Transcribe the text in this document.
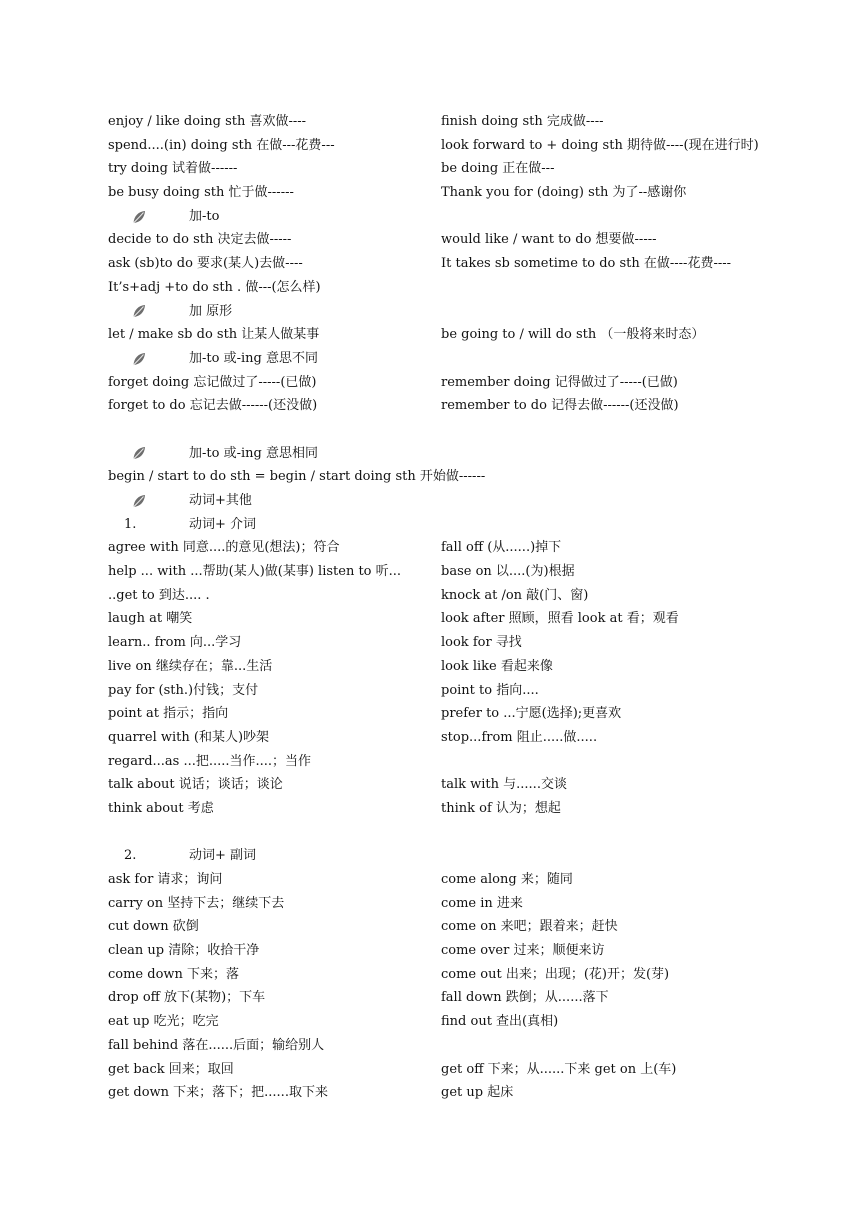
enjoy / like doing sth 喜欢做----	finish doing sth 完成做----
spend....(in) doing sth 在做---花费---	look forward to + doing sth 期待做----(现在进行时)
try doing 试着做------	be doing 正在做---
be busy doing sth 忙于做------	Thank you for (doing) sth 为了--感谢你
加-to
decide to do sth 决定去做-----	would like / want to do 想要做-----
ask (sb)to do 要求(某人)去做----	It takes sb sometime to do sth 在做----花费----
It’s+adj +to do sth . 做---(怎么样)
加 原形
let / make sb do sth 让某人做某事	be going to / will do sth （一般将来时态）
加-to 或-ing 意思不同
forget doing 忘记做过了-----(已做)	remember doing 记得做过了-----(已做)
forget to do 忘记去做------(还没做)	remember to do 记得去做------(还没做)
加-to 或-ing 意思相同
begin / start to do sth = begin / start doing sth 开始做------
动词+其他
1.	动词+ 介词
agree with 同意....的意见(想法)；符合	fall off (从......)掉下
help ... with ...帮助(某人)做(某事) listen to 听...	base on 以....(为)根据
..get to 到达.... .	knock at /on 敲(门、窗)
laugh at 嘲笑	look after 照顾，照看 look at 看；观看
learn.. from 向...学习	look for 寻找
live on 继续存在；靠...生活	look like 看起来像
pay for (sth.)付钱；支付	point to 指向....
point at 指示；指向	prefer to ...宁愿(选择);更喜欢
quarrel with (和某人)吵架	stop...from 阻止.....做.....
regard...as ...把.....当作....；当作
talk about 说话；谈话；谈论	talk with 与......交谈
think about 考虑	think of 认为；想起
2.	动词+ 副词
ask for 请求；询问	come along 来；随同
carry on 坚持下去；继续下去	come in 进来
cut down 砍倒	come on 来吧；跟着来；赶快
clean up 清除；收拾干净	come over 过来；顺便来访
come down 下来；落	come out 出来；出现；(花)开；发(芽)
drop off 放下(某物)；下车	fall down 跌倒；从......落下
eat up 吃光；吃完	find out 查出(真相)
fall behind 落在......后面；输给别人
get back 回来；取回	get off 下来；从......下来 get on 上(车)
get down 下来；落下；把......取下来	get up 起床
